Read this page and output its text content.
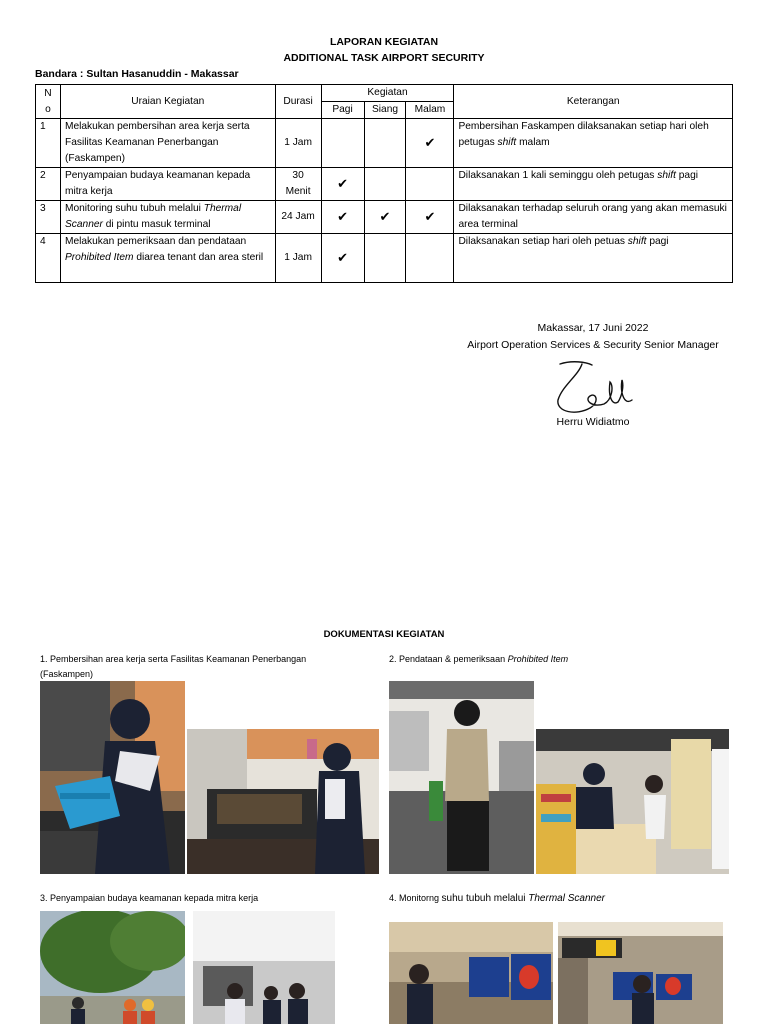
LAPORAN KEGIATAN
ADDITIONAL TASK AIRPORT SECURITY
Bandara : Sultan Hasanuddin - Makassar
N
o	Uraian Kegiatan	Durasi	Kegiatan			Keterangan
			Pagi	Siang	Malam	
1	Melakukan pembersihan area kerja serta Fasilitas Keamanan Penerbangan (Faskampen)	1 Jam			✔	Pembersihan Faskampen dilaksanakan setiap hari oleh petugas shift malam
2	Penyampaian budaya keamanan kepada mitra kerja	30
Menit	✔			Dilaksanakan 1 kali seminggu oleh petugas shift pagi
3	Monitoring suhu tubuh melalui Thermal Scanner di pintu masuk terminal	24 Jam	✔	✔	✔	Dilaksanakan terhadap seluruh orang yang akan memasuki area terminal
4	Melakukan pemeriksaan dan pendataan Prohibited Item diarea tenant dan area steril	1 Jam	✔			Dilaksanakan setiap hari oleh petuas shift pagi
Makassar, 17 Juni 2022
Airport Operation Services & Security Senior Manager
Herru Widiatmo
DOKUMENTASI KEGIATAN
1. Pembersihan area kerja serta Fasilitas Keamanan Penerbangan (Faskampen)
2. Pendataan & pemeriksaan Prohibited Item
3. Penyampaian budaya keamanan kepada mitra kerja	4. Monitorng suhu tubuh melalui Thermal Scanner
